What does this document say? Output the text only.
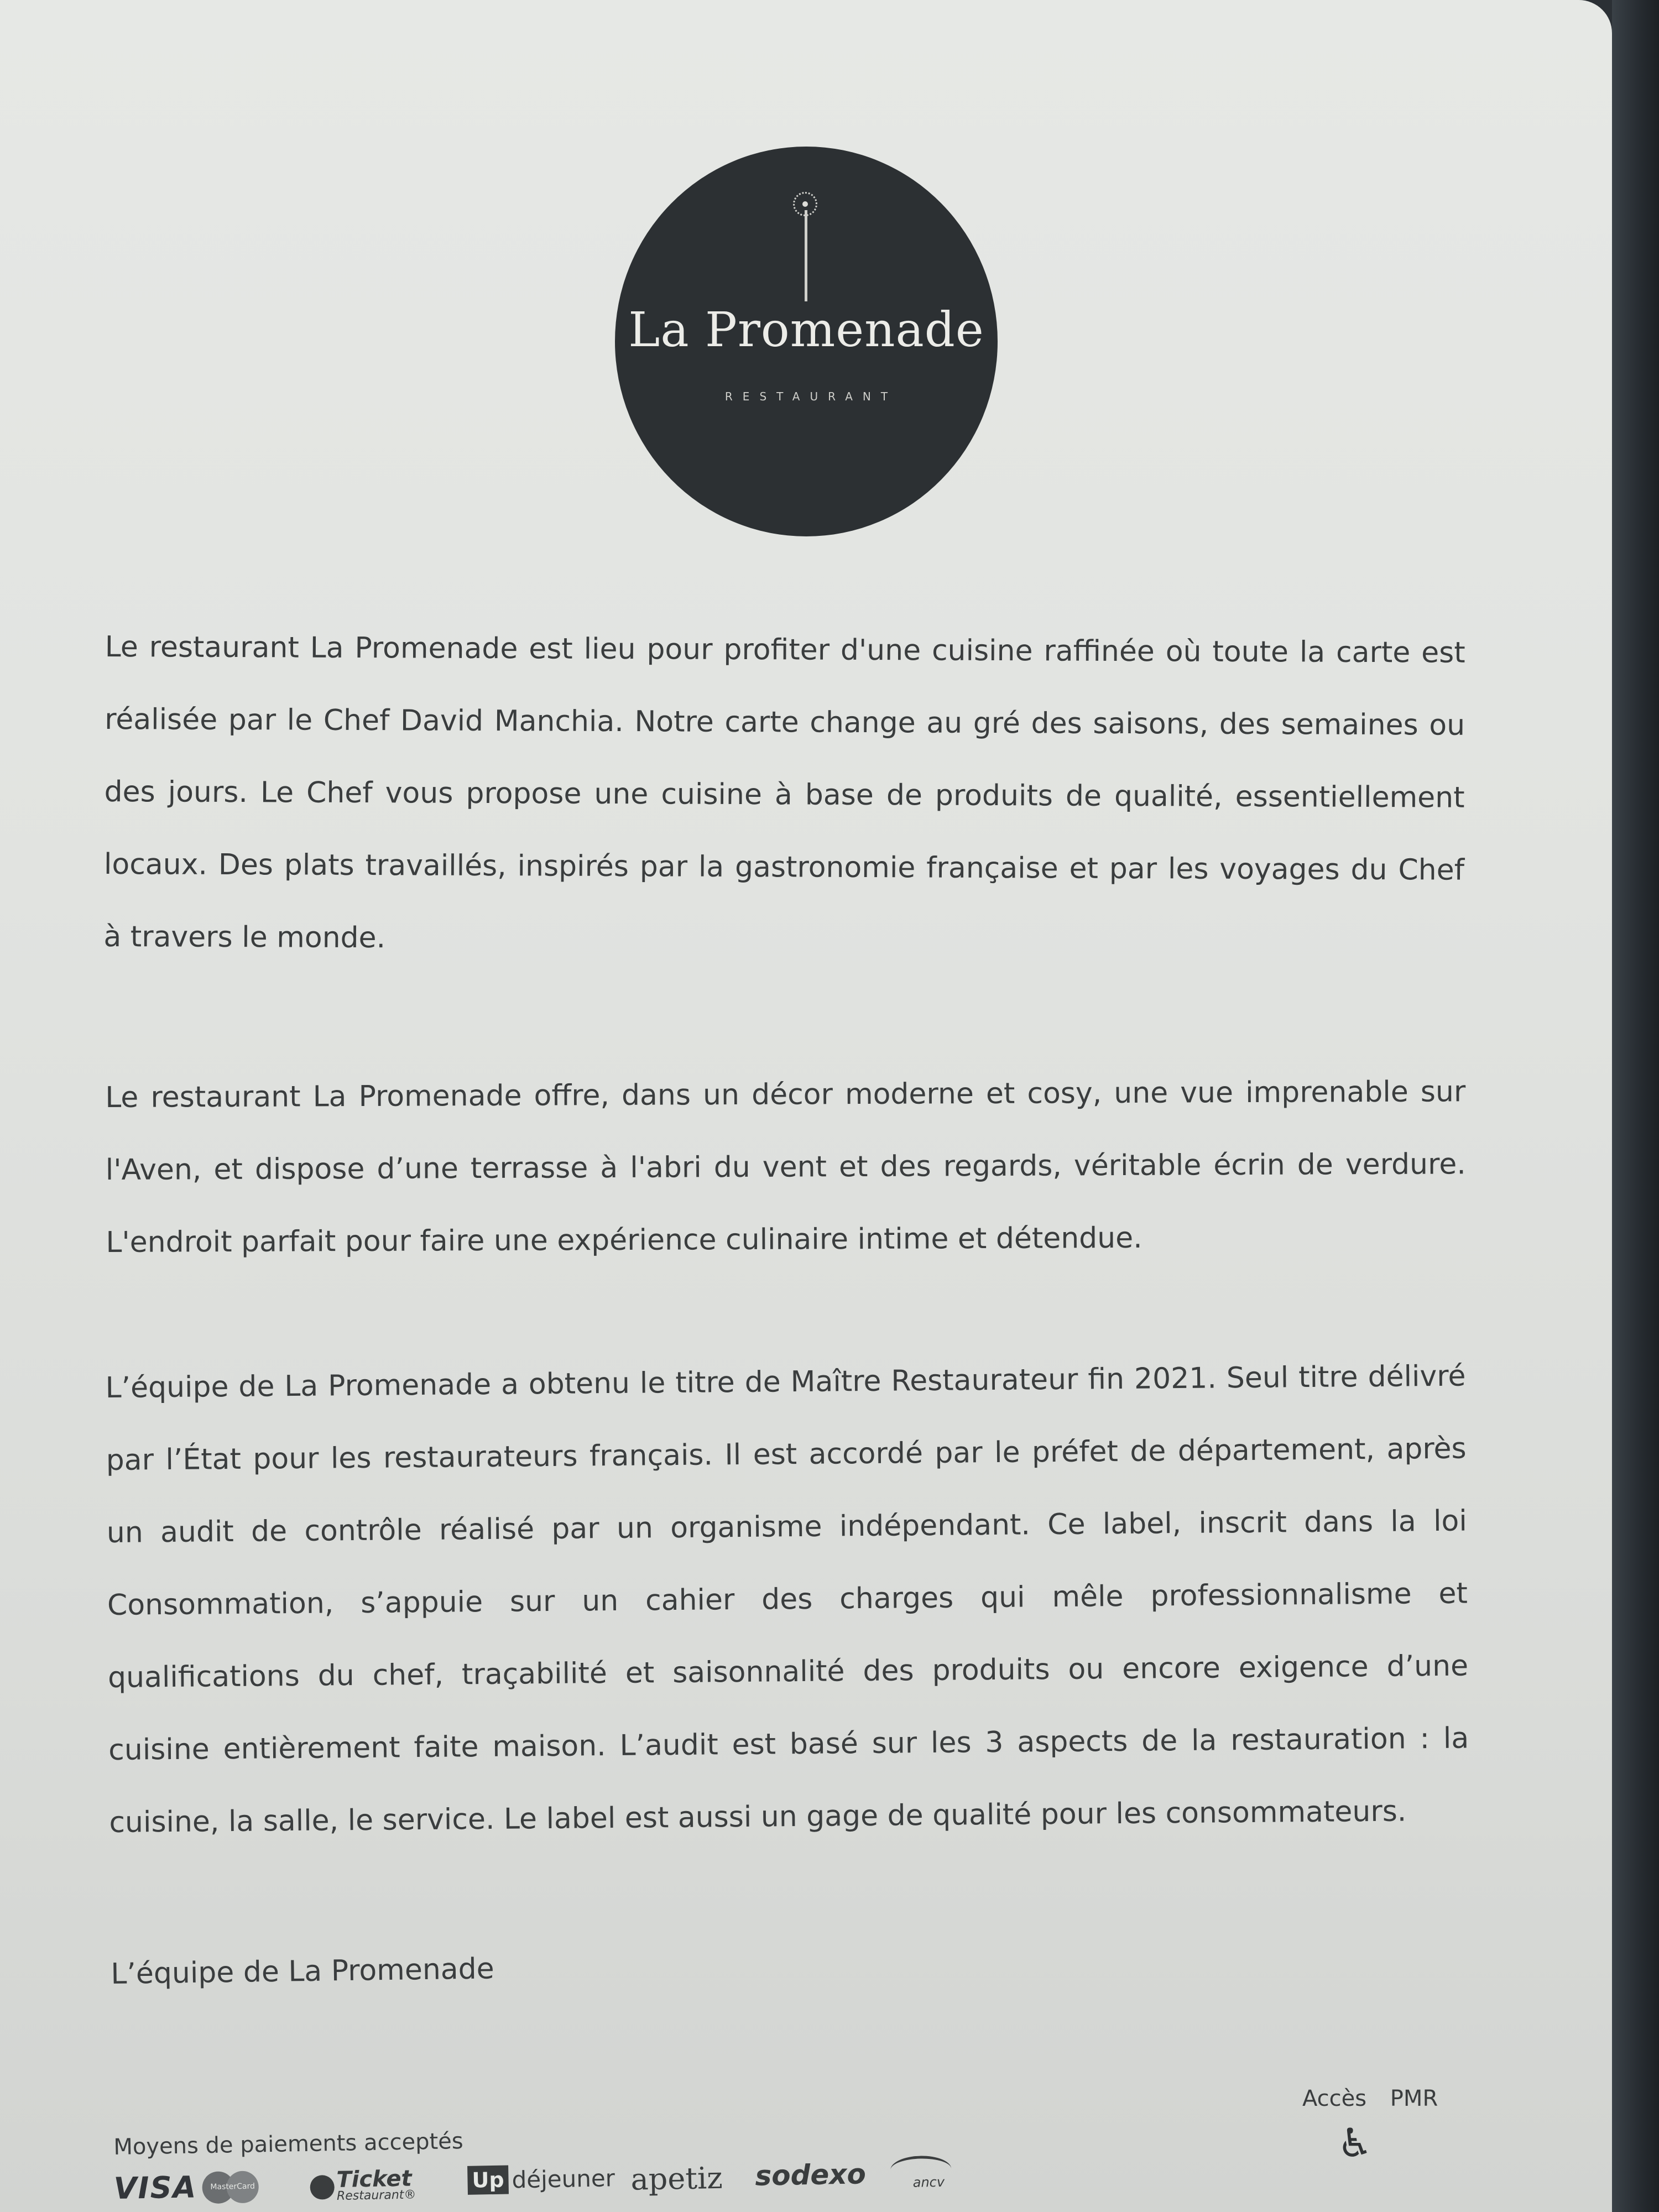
La Promenade
RESTAURANT
Le restaurant La Promenade est lieu pour profiter d'une cuisine raffinée où toute la carte est réalisée par le Chef David Manchia. Notre carte change au gré des saisons, des semaines ou des jours. Le Chef vous propose une cuisine à base de produits de qualité, essentiellement locaux. Des plats travaillés, inspirés par la gastronomie française et par les voyages du Chef à travers le monde.
Le restaurant La Promenade offre, dans un décor moderne et cosy, une vue imprenable sur l'Aven, et dispose d’une terrasse à l'abri du vent et des regards, véritable écrin de verdure. L'endroit parfait pour faire une expérience culinaire intime et détendue.
L’équipe de La Promenade a obtenu le titre de Maître Restaurateur fin 2021. Seul titre délivré par l’État pour les restaurateurs français. Il est accordé par le préfet de département, après un audit de contrôle réalisé par un organisme indépendant. Ce label, inscrit dans la loi Consommation, s’appuie sur un cahier des charges qui mêle professionnalisme et qualifications du chef, traçabilité et saisonnalité des produits ou encore exigence d’une cuisine entièrement faite maison. L’audit est basé sur les 3 aspects de la restauration : la cuisine, la salle, le service. Le label est aussi un gage de qualité pour les consommateurs.
L’équipe de La Promenade
Moyens de paiements acceptés
VISA	MasterCard	Ticket
Restaurant®
Up déjeuner apetiz sodexo	ancv
Accès PMR
♿
